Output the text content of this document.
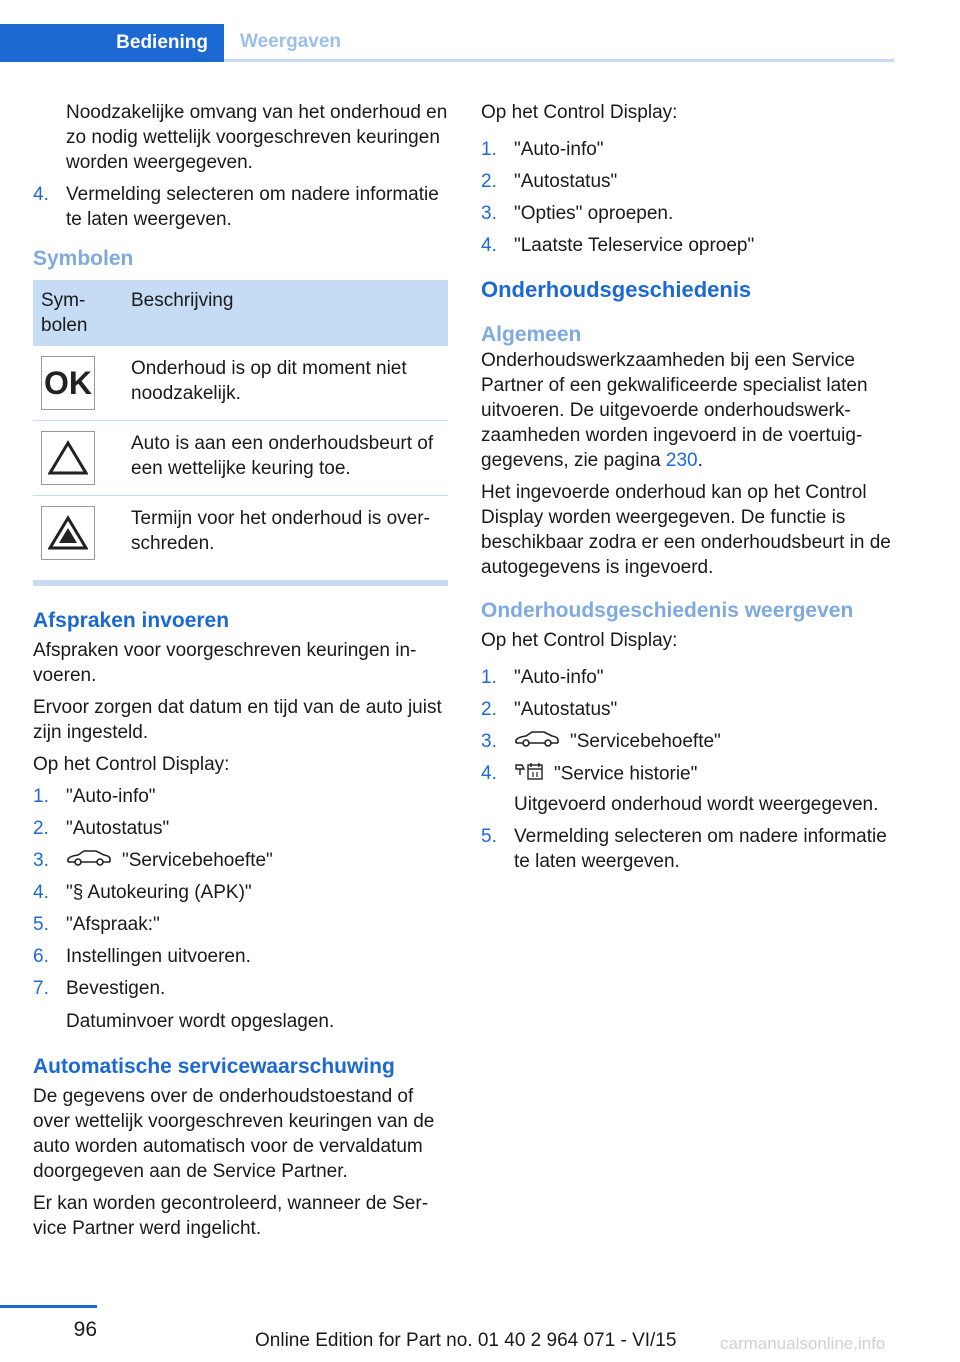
Bediening	Weergaven

Noodzakelijke omvang van het onderhoud en zo nodig wettelijk voorgeschreven keuringen worden weergegeven.

4. Vermelding selecteren om nadere informatie te laten weergeven.
Symbolen
Symbolen	Beschrijving

OK	Onderhoud is op dit moment niet noodzakelijk.

	Auto is aan een onderhoudsbeurt of een wettelijke keuring toe.

	Termijn voor het onderhoud is overschreden.
Afspraken invoeren

Afspraken voor voorgeschreven keuringen invoeren.

Ervoor zorgen dat datum en tijd van de auto juist zijn ingesteld.

Op het Control Display:

1. "Auto-info"
2. "Autostatus"
3.	"Servicebehoefte"
4. "§ Autokeuring (APK)"
5. "Afspraak:"
6. Instellingen uitvoeren.
7. Bevestigen.

Datuminvoer wordt opgeslagen.

Automatische servicewaarschuwing

De gegevens over de onderhoudstoestand of over wettelijk voorgeschreven keuringen van de auto worden automatisch voor de vervaldatum doorgegeven aan de Service Partner.

Er kan worden gecontroleerd, wanneer de Service Partner werd ingelicht.

Op het Control Display:

1. "Auto-info"
2. "Autostatus"
3. "Opties" oproepen.
4. "Laatste Teleservice oproep"
Onderhoudsgeschiedenis
Algemeen

Onderhoudswerkzaamheden bij een Service Partner of een gekwalificeerde specialist laten uitvoeren. De uitgevoerde onderhoudswerkzaamheden worden ingevoerd in de voertuiggegevens, zie pagina 230.

Het ingevoerde onderhoud kan op het Control Display worden weergegeven. De functie is beschikbaar zodra er een onderhoudsbeurt in de autogegevens is ingevoerd.

Onderhoudsgeschiedenis weergeven

Op het Control Display:

1. "Auto-info"
2. "Autostatus"
3.	"Servicebehoefte"
4.	"Service historie"

Uitgevoerd onderhoud wordt weergegeven.

5. Vermelding selecteren om nadere informatie te laten weergeven.
96	Online Edition for Part no. 01 40 2 964 071 - VI/15	carmanualsonline.info
